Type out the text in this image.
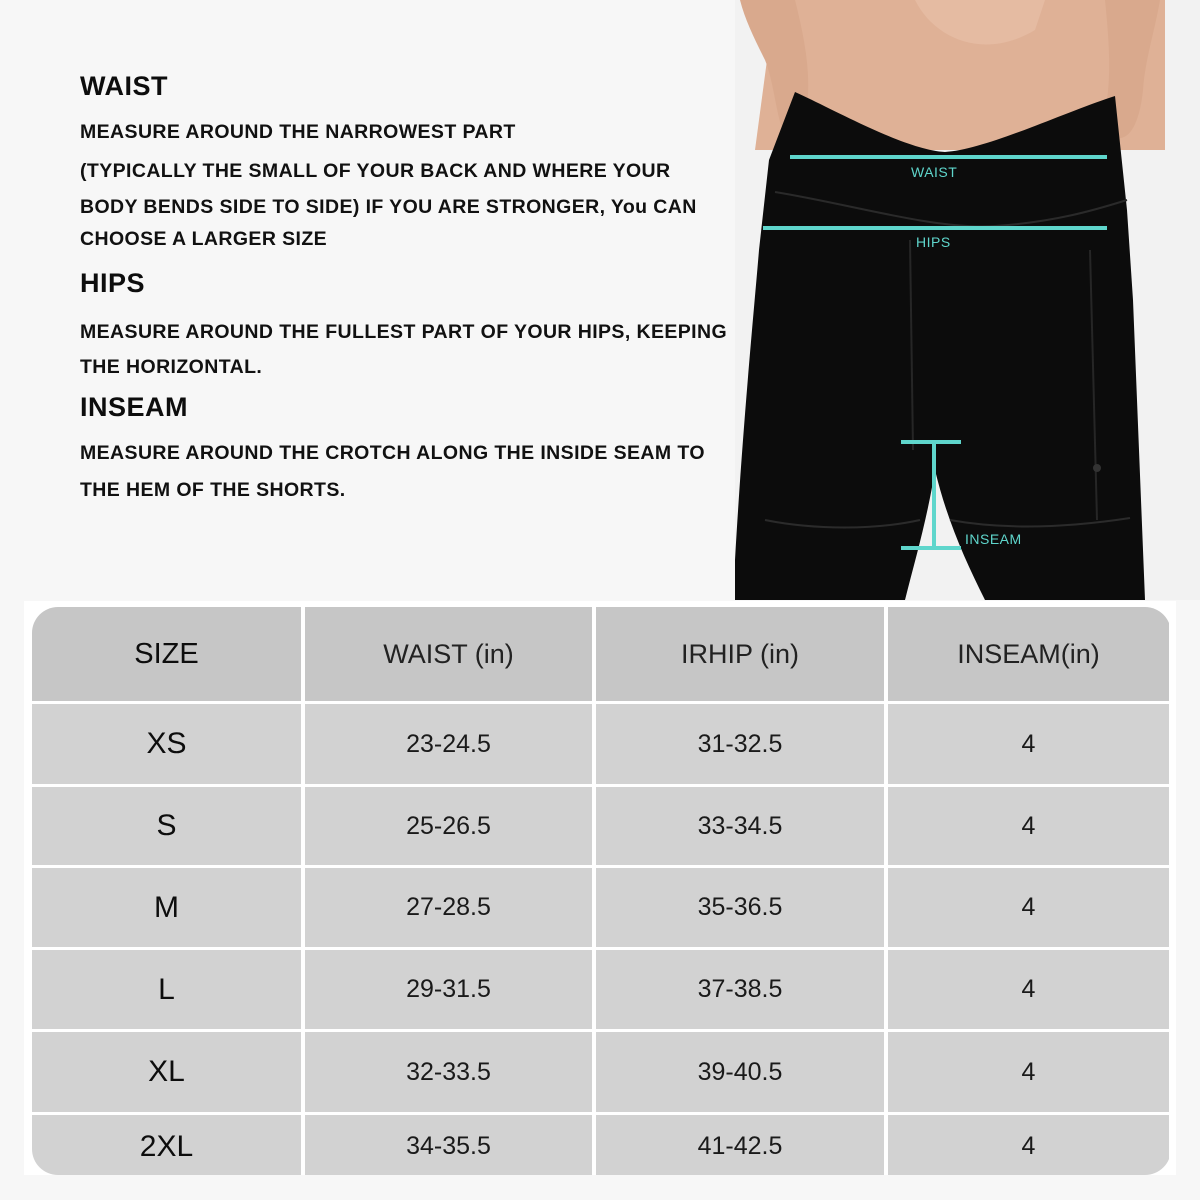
WAIST
MEASURE AROUND THE NARROWEST PART
(TYPICALLY THE SMALL OF YOUR BACK AND WHERE YOUR
BODY BENDS SIDE TO SIDE) IF YOU ARE STRONGER, You CAN
CHOOSE A LARGER SIZE
HIPS
MEASURE AROUND THE FULLEST PART OF YOUR HIPS, KEEPING
THE HORIZONTAL.
INSEAM
MEASURE AROUND THE CROTCH ALONG THE INSIDE SEAM TO
THE HEM OF THE SHORTS.
WAIST
HIPS
INSEAM
SIZE	WAIST (in)	IRHIP (in)	INSEAM(in)
XS	23-24.5	31-32.5	4
S	25-26.5	33-34.5	4
M	27-28.5	35-36.5	4
L	29-31.5	37-38.5	4
XL	32-33.5	39-40.5	4
2XL	34-35.5	41-42.5	4
